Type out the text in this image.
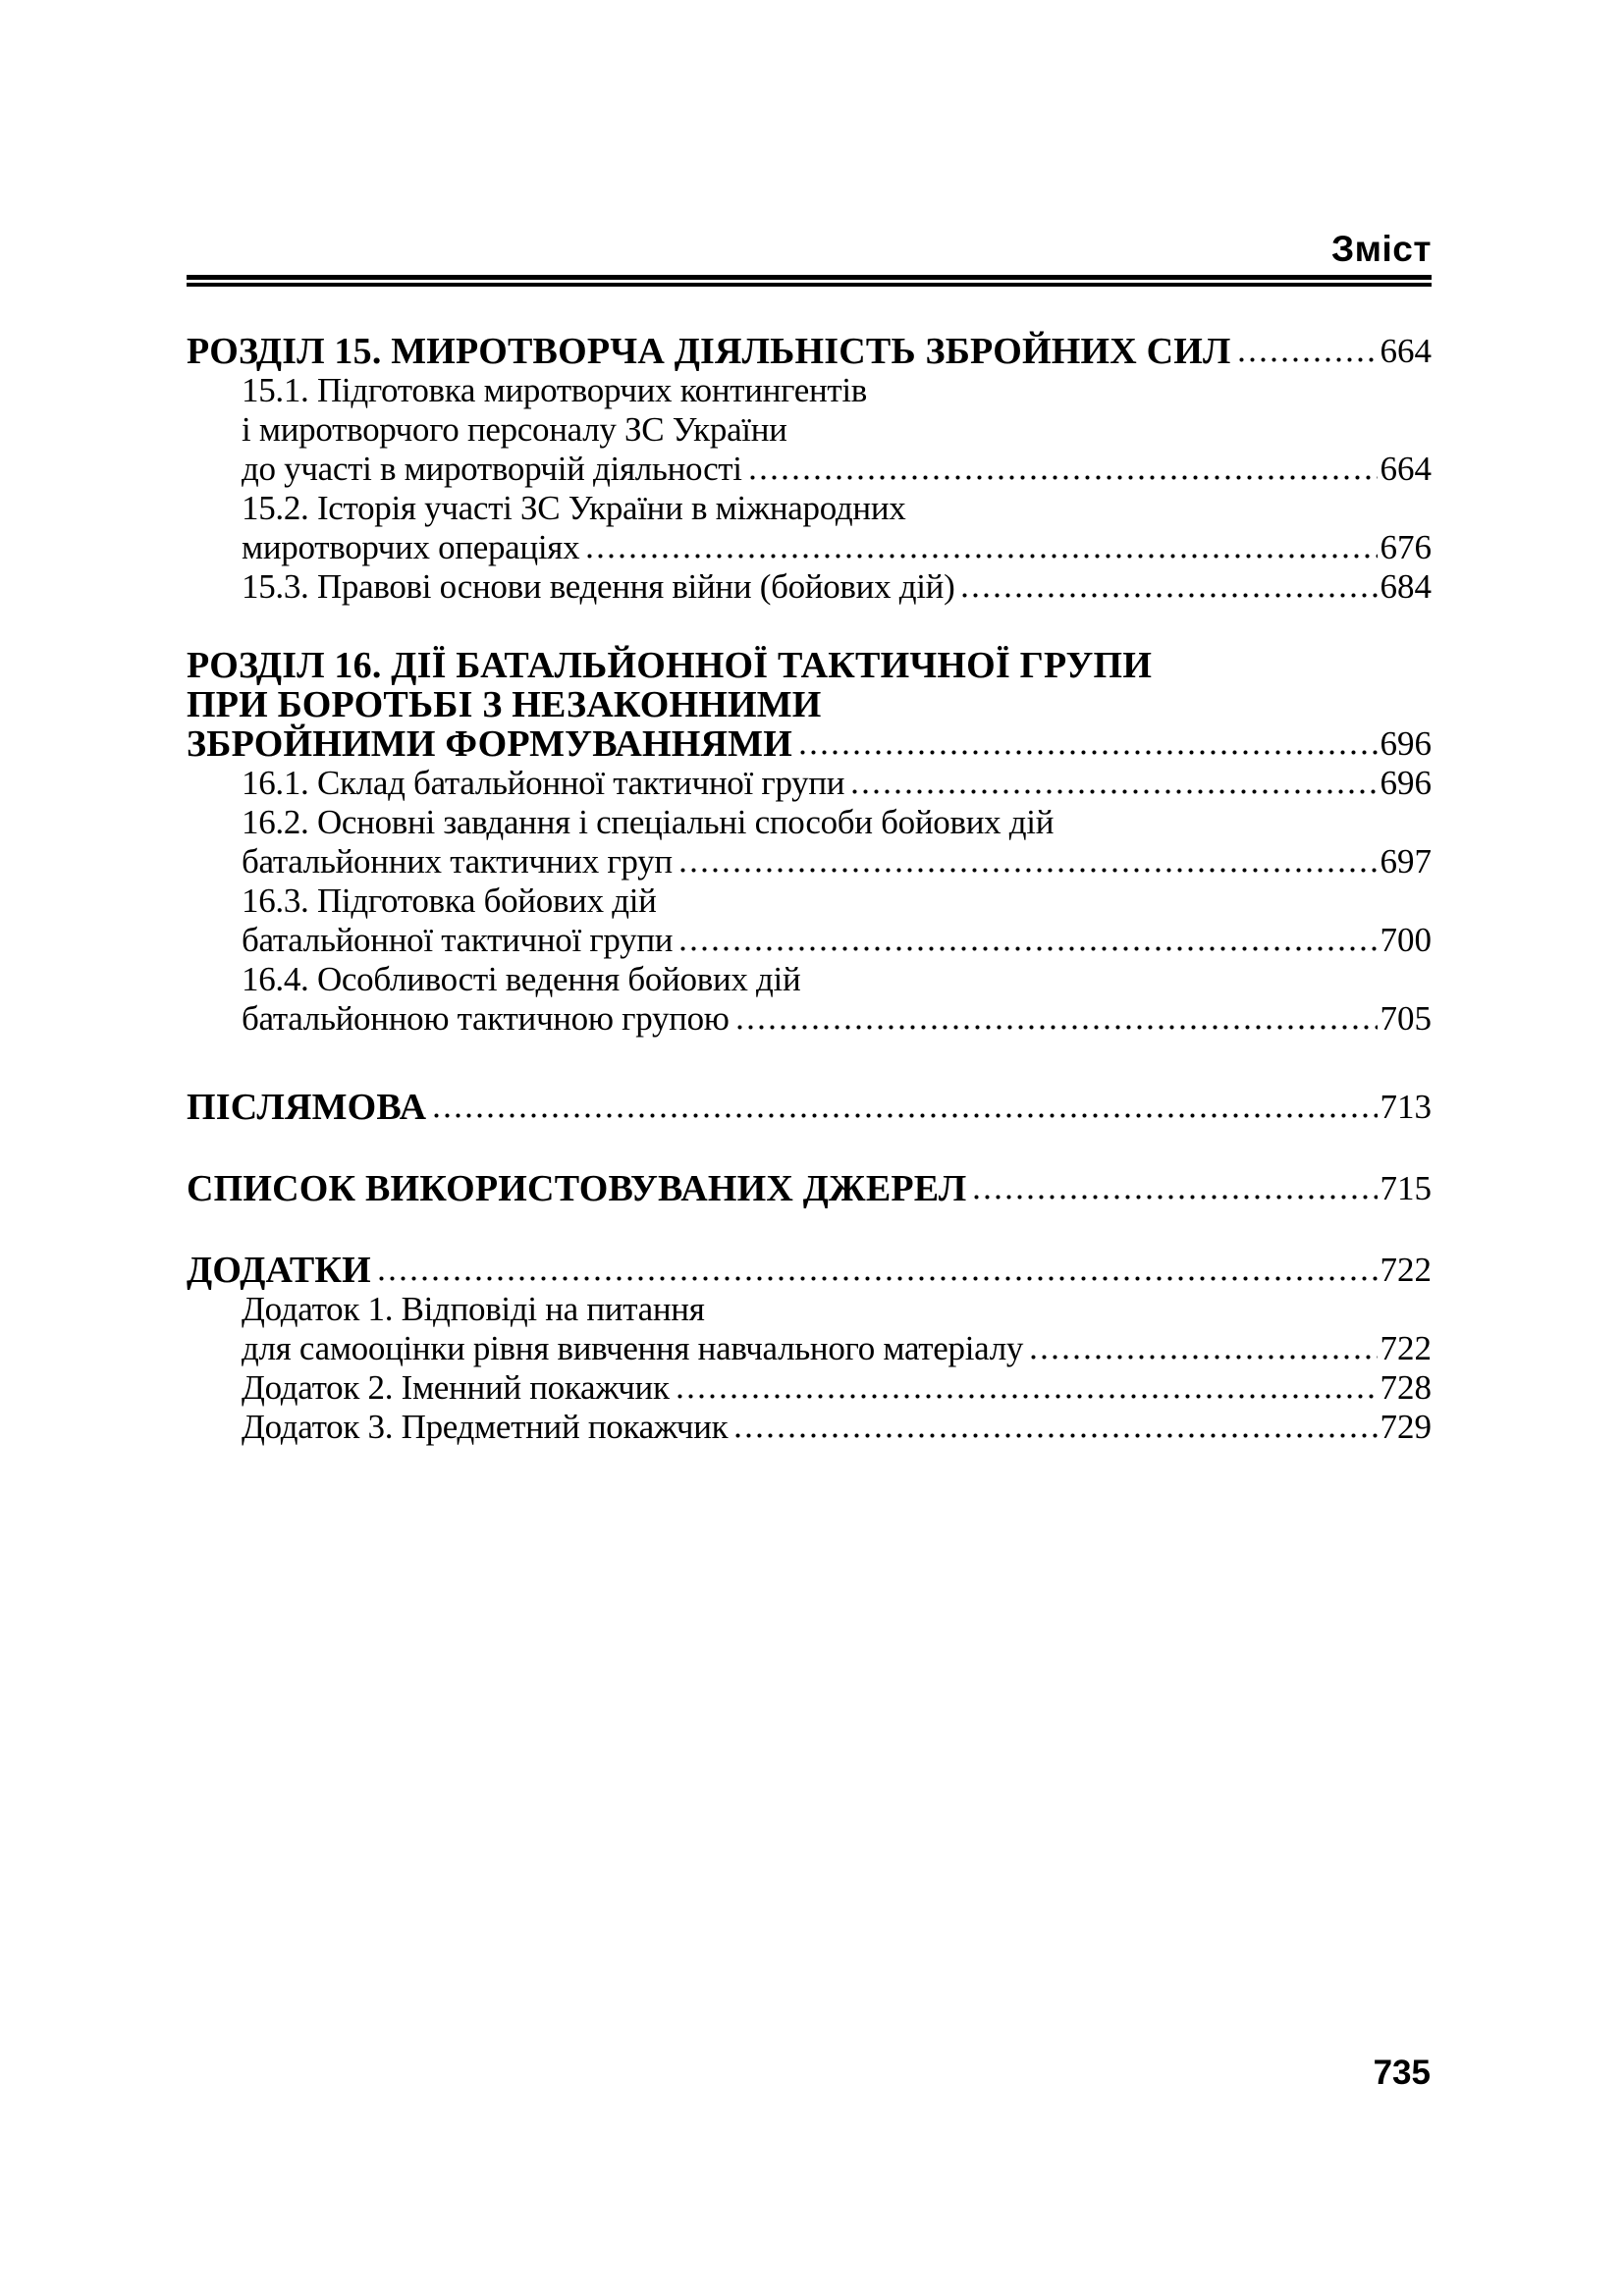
Зміст
РОЗДІЛ 15. МИРОТВОРЧА ДІЯЛЬНІСТЬ ЗБРОЙНИХ СИЛ	664
15.1. Підготовка миротворчих контингентів
і миротворчого персоналу ЗС України
до участі в миротворчій діяльності	664
15.2. Історія участі ЗС України в міжнародних
миротворчих операціях	676
15.3. Правові основи ведення війни (бойових дій)	684
РОЗДІЛ 16. ДІЇ БАТАЛЬЙОННОЇ ТАКТИЧНОЇ ГРУПИ
ПРИ БОРОТЬБІ З НЕЗАКОННИМИ
ЗБРОЙНИМИ ФОРМУВАННЯМИ	696
16.1. Склад батальйонної тактичної групи	696
16.2. Основні завдання і спеціальні способи бойових дій
батальйонних тактичних груп	697
16.3. Підготовка бойових дій
батальйонної тактичної групи	700
16.4. Особливості ведення бойових дій
батальйонною тактичною групою	705
ПІСЛЯМОВА	713
СПИСОК ВИКОРИСТОВУВАНИХ ДЖЕРЕЛ	715
ДОДАТКИ	722
Додаток 1. Відповіді на питання
для самооцінки рівня вивчення навчального матеріалу	722
Додаток 2. Іменний покажчик	728
Додаток 3. Предметний покажчик	729
735
